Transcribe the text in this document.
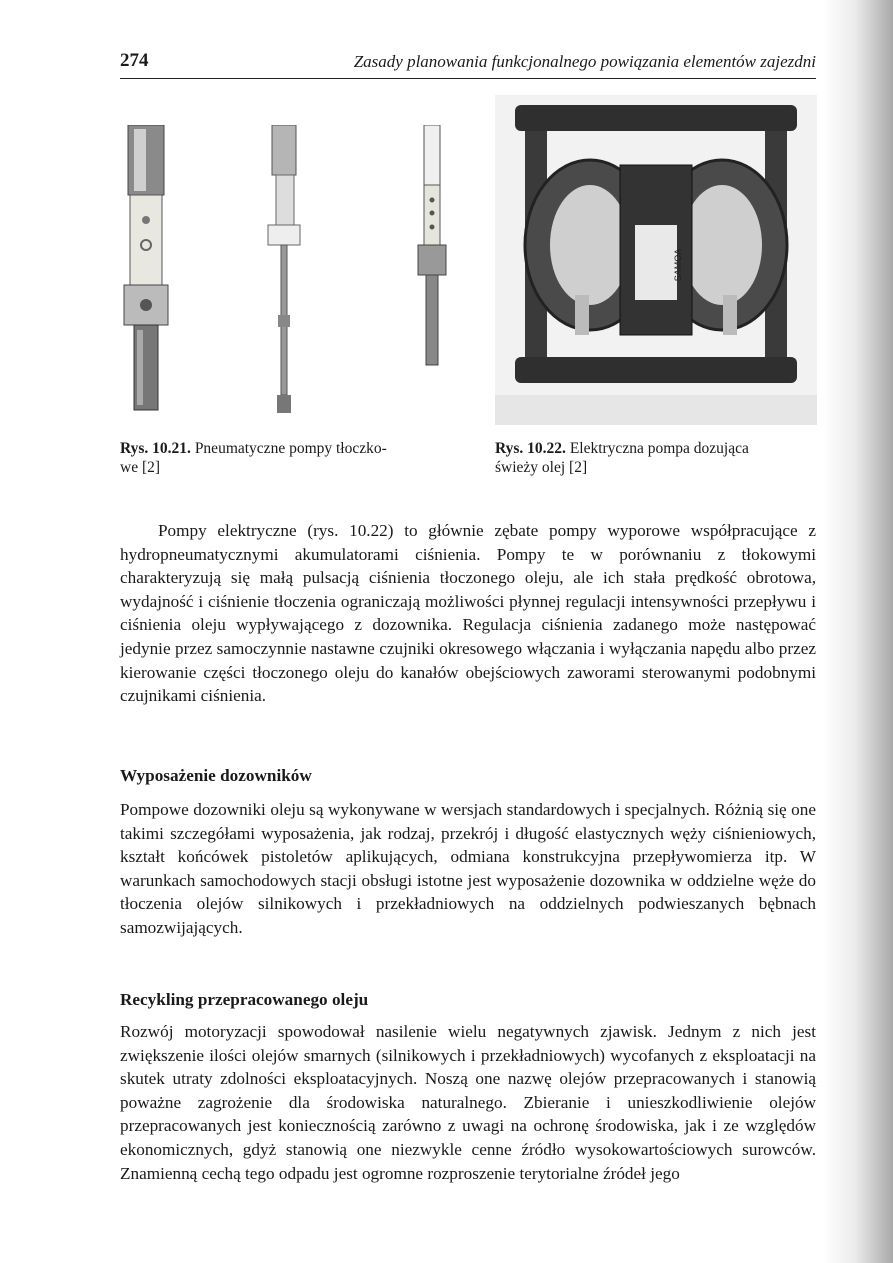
274	Zasady planowania funkcjonalnego powiązania elementów zajezdni
SAMOA
Rys. 10.21. Pneumatyczne pompy tłoczko-
we [2]
Rys. 10.22. Elektryczna pompa dozująca
świeży olej [2]

Pompy elektryczne (rys. 10.22) to głównie zębate pompy wyporowe współpracujące z hydropneumatycznymi akumulatorami ciśnienia. Pompy te w porównaniu z tłokowymi charakteryzują się małą pulsacją ciśnienia tłoczonego oleju, ale ich stała prędkość obrotowa, wydajność i ciśnienie tłoczenia ograniczają możliwości płynnej regulacji intensywności przepływu i ciśnienia oleju wypływającego z dozownika. Regulacja ciśnienia zadanego może następować jedynie przez samoczynnie nastawne czujniki okresowego włączania i wyłączania napędu albo przez kierowanie części tłoczonego oleju do kanałów obejściowych zaworami sterowanymi podobnymi czujnikami ciśnienia.

Wyposażenie dozowników

Pompowe dozowniki oleju są wykonywane w wersjach standardowych i specjalnych. Różnią się one takimi szczegółami wyposażenia, jak rodzaj, przekrój i długość elastycznych węży ciśnieniowych, kształt końcówek pistoletów aplikujących, odmiana konstrukcyjna przepływomierza itp. W warunkach samochodowych stacji obsługi istotne jest wyposażenie dozownika w oddzielne węże do tłoczenia olejów silnikowych i przekładniowych na oddzielnych podwieszanych bębnach samozwijających.

Recykling przepracowanego oleju

Rozwój motoryzacji spowodował nasilenie wielu negatywnych zjawisk. Jednym z nich jest zwiększenie ilości olejów smarnych (silnikowych i przekładniowych) wycofanych z eksploatacji na skutek utraty zdolności eksploatacyjnych. Noszą one nazwę olejów przepracowanych i stanowią poważne zagrożenie dla środowiska naturalnego. Zbieranie i unieszkodliwienie olejów przepracowanych jest koniecznością zarówno z uwagi na ochronę środowiska, jak i ze względów ekonomicznych, gdyż stanowią one niezwykle cenne źródło wysokowartościowych surowców. Znamienną cechą tego odpadu jest ogromne rozproszenie terytorialne źródeł jego
